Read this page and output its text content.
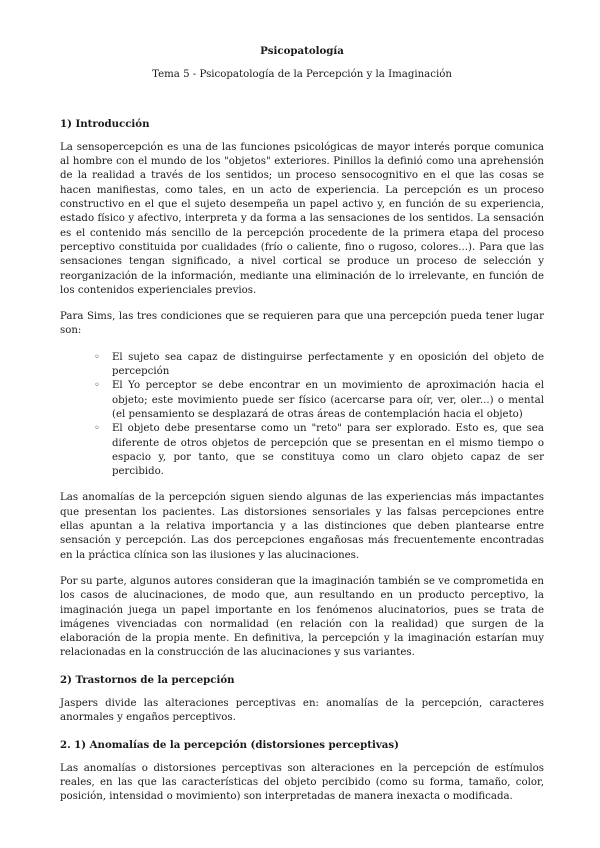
Psicopatología
Tema 5 - Psicopatología de la Percepción y la Imaginación
1) Introducción

La sensopercepción es una de las funciones psicológicas de mayor interés porque comunica al hombre con el mundo de los "objetos" exteriores. Pinillos la definió como una aprehensión de la realidad a través de los sentidos; un proceso sensocognitivo en el que las cosas se hacen manifiestas, como tales, en un acto de experiencia. La percepción es un proceso constructivo en el que el sujeto desempeña un papel activo y, en función de su experiencia, estado físico y afectivo, interpreta y da forma a las sensaciones de los sentidos. La sensación es el contenido más sencillo de la percepción procedente de la primera etapa del proceso perceptivo constituida por cualidades (frío o caliente, fino o rugoso, colores...). Para que las sensaciones tengan significado, a nivel cortical se produce un proceso de selección y reorganización de la información, mediante una eliminación de lo irrelevante, en función de los contenidos experienciales previos.

Para Sims, las tres condiciones que se requieren para que una percepción pueda tener lugar son:

◦ El sujeto sea capaz de distinguirse perfectamente y en oposición del objeto de percepción
◦ El Yo perceptor se debe encontrar en un movimiento de aproximación hacia el objeto; este movimiento puede ser físico (acercarse para oír, ver, oler...) o mental (el pensamiento se desplazará de otras áreas de contemplación hacia el objeto)
◦ El objeto debe presentarse como un "reto" para ser explorado. Esto es, que sea diferente de otros objetos de percepción que se presentan en el mismo tiempo o espacio y, por tanto, que se constituya como un claro objeto capaz de ser percibido.

Las anomalías de la percepción siguen siendo algunas de las experiencias más impactantes que presentan los pacientes. Las distorsiones sensoriales y las falsas percepciones entre ellas apuntan a la relativa importancia y a las distinciones que deben plantearse entre sensación y percepción. Las dos percepciones engañosas más frecuentemente encontradas en la práctica clínica son las ilusiones y las alucinaciones.

Por su parte, algunos autores consideran que la imaginación también se ve comprometida en los casos de alucinaciones, de modo que, aun resultando en un producto perceptivo, la imaginación juega un papel importante en los fenómenos alucinatorios, pues se trata de imágenes vivenciadas con normalidad (en relación con la realidad) que surgen de la elaboración de la propia mente. En definitiva, la percepción y la imaginación estarían muy relacionadas en la construcción de las alucinaciones y sus variantes.

2) Trastornos de la percepción

Jaspers divide las alteraciones perceptivas en: anomalías de la percepción, caracteres anormales y engaños perceptivos.

2. 1) Anomalías de la percepción (distorsiones perceptivas)

Las anomalías o distorsiones perceptivas son alteraciones en la percepción de estímulos reales, en las que las características del objeto percibido (como su forma, tamaño, color, posición, intensidad o movimiento) son interpretadas de manera inexacta o modificada.
